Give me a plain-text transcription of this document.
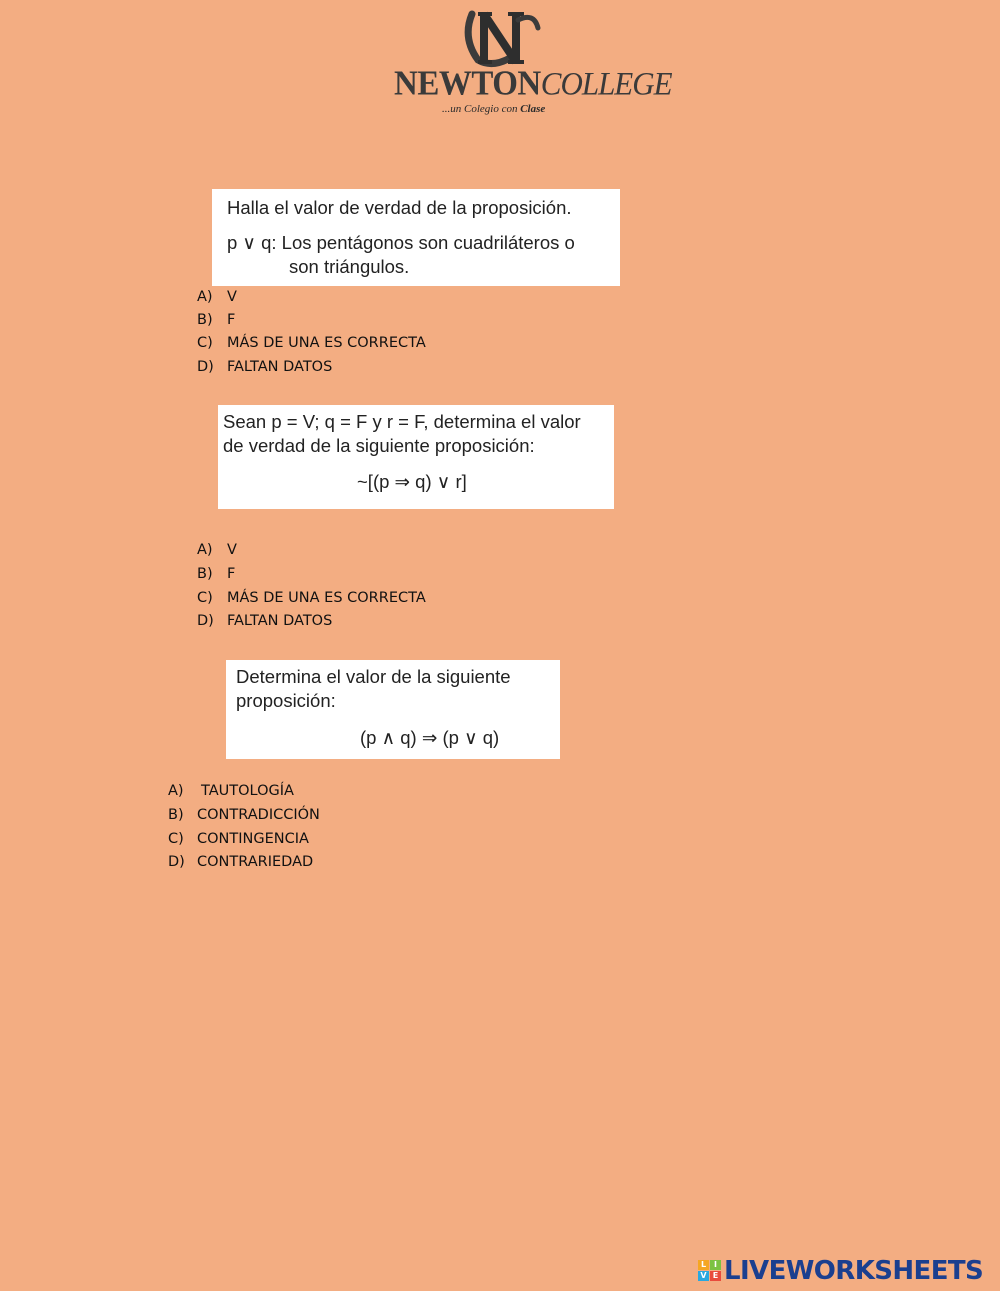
NEWTONCOLLEGE
...un Colegio con Clase
Halla el valor de verdad de la proposición.
p ∨ q: Los pentágonos son cuadriláteros o
son triángulos.
A) V
B) F
C) MÁS DE UNA ES CORRECTA
D) FALTAN DATOS
Sean p = V; q = F y r = F, determina el valor
de verdad de la siguiente proposición:
~[(p ⇒ q) ∨ r]
A) V
B) F
C) MÁS DE UNA ES CORRECTA
D) FALTAN DATOS
Determina el valor de la siguiente
proposición:
(p ∧ q) ⇒ (p ∨ q)
A) TAUTOLOGÍA
B) CONTRADICCIÓN
C) CONTINGENCIA
D) CONTRARIEDAD
L I
V E LIVEWORKSHEETS
